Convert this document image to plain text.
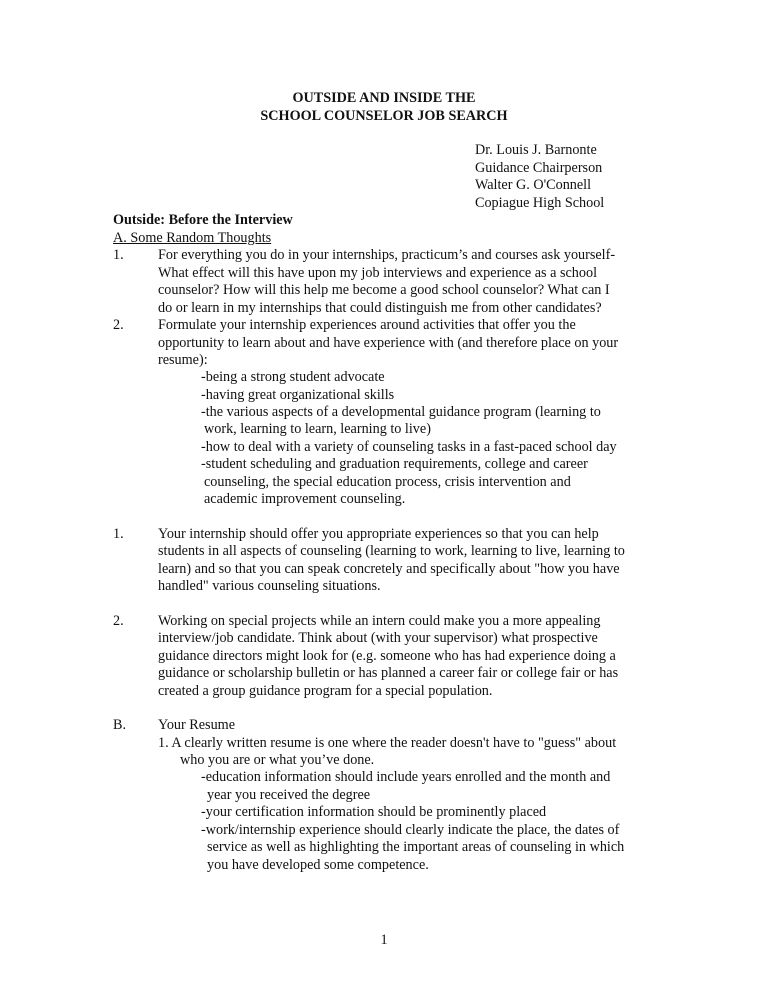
OUTSIDE AND INSIDE THE
SCHOOL COUNSELOR JOB SEARCH
Dr. Louis J. Barnonte
Guidance Chairperson
Walter G. O'Connell
Copiague High School
Outside: Before the Interview
A. Some Random Thoughts
1. For everything you do in your internships, practicum’s and courses ask yourself-
What effect will this have upon my job interviews and experience as a school
counselor? How will this help me become a good school counselor? What can I
do or learn in my internships that could distinguish me from other candidates?
2. Formulate your internship experiences around activities that offer you the
opportunity to learn about and have experience with (and therefore place on your
resume):
-being a strong student advocate
-having great organizational skills
-the various aspects of a developmental guidance program (learning to
work, learning to learn, learning to live)
-how to deal with a variety of counseling tasks in a fast-paced school day
-student scheduling and graduation requirements, college and career
counseling, the special education process, crisis intervention and
academic improvement counseling.
1. Your internship should offer you appropriate experiences so that you can help
students in all aspects of counseling (learning to work, learning to live, learning to
learn) and so that you can speak concretely and specifically about "how you have
handled" various counseling situations.
2. Working on special projects while an intern could make you a more appealing
interview/job candidate. Think about (with your supervisor) what prospective
guidance directors might look for (e.g. someone who has had experience doing a
guidance or scholarship bulletin or has planned a career fair or college fair or has
created a group guidance program for a special population.
B. Your Resume
1. A clearly written resume is one where the reader doesn't have to "guess" about
who you are or what you’ve done.
-education information should include years enrolled and the month and
year you received the degree
-your certification information should be prominently placed
-work/internship experience should clearly indicate the place, the dates of
service as well as highlighting the important areas of counseling in which
you have developed some competence.
1
